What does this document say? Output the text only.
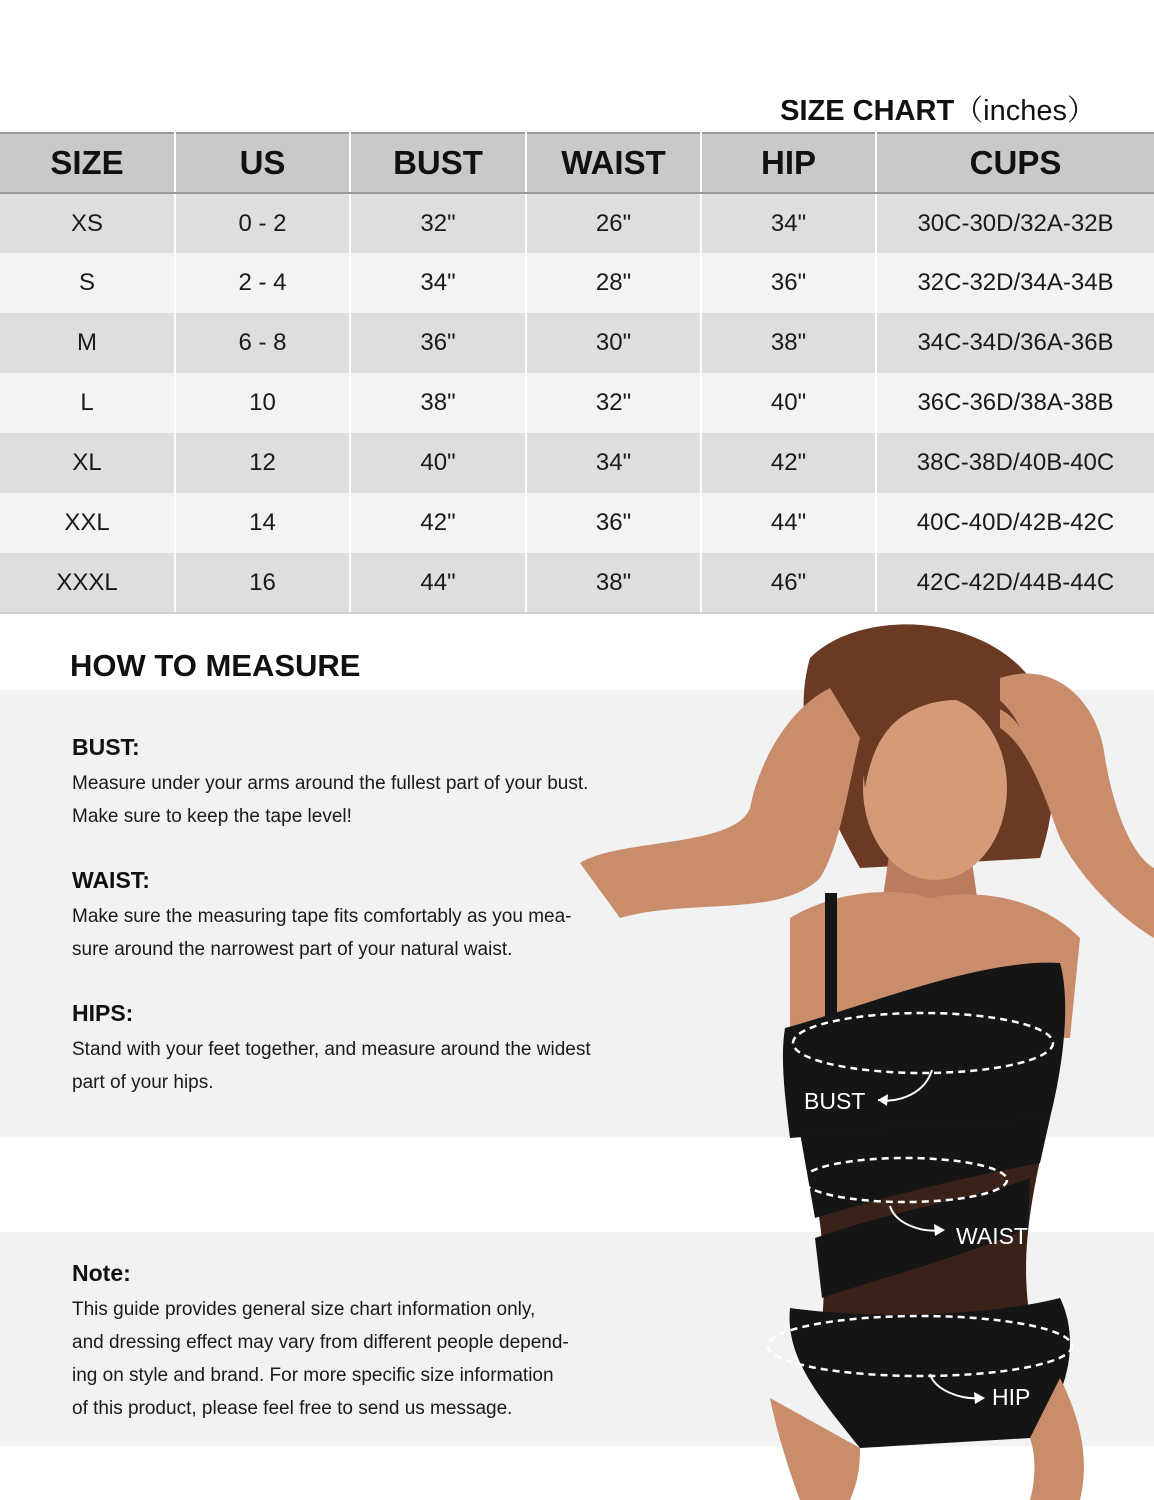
SIZE CHART（inches）
SIZE	US	BUST	WAIST	HIP	CUPS
XS	0 - 2	32"	26"	34"	30C-30D/32A-32B
S	2 - 4	34"	28"	36"	32C-32D/34A-34B
M	6 - 8	36"	30"	38"	34C-34D/36A-36B
L	10	38"	32"	40"	36C-36D/38A-38B
XL	12	40"	34"	42"	38C-38D/40B-40C
XXL	14	42"	36"	44"	40C-40D/42B-42C
XXXL	16	44"	38"	46"	42C-42D/44B-44C
HOW TO MEASURE
BUST:

Measure under your arms around the fullest part of your bust.

Make sure to keep the tape level!

WAIST:

Make sure the measuring tape fits comfortably as you mea-

sure around the narrowest part of your natural waist.

HIPS:

Stand with your feet together, and measure around the widest

part of your hips.

Note:

This guide provides general size chart information only,

and dressing effect may vary from different people depend-

ing on style and brand. For more specific size information

of this product, please feel free to send us message.

BUST
WAIST
HIP
